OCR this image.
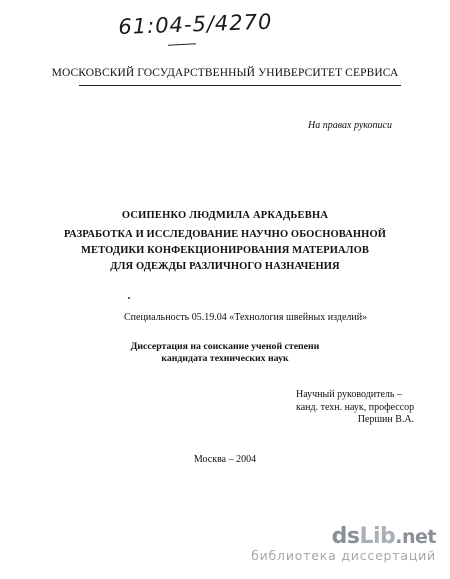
61:04-5/4270
МОСКОВСКИЙ ГОСУДАРСТВЕННЫЙ УНИВЕРСИТЕТ СЕРВИСА
На правах рукописи
ОСИПЕНКО ЛЮДМИЛА АРКАДЬЕВНА
РАЗРАБОТКА И ИССЛЕДОВАНИЕ НАУЧНО ОБОСНОВАННОЙ
МЕТОДИКИ КОНФЕКЦИОНИРОВАНИЯ МАТЕРИАЛОВ
ДЛЯ ОДЕЖДЫ РАЗЛИЧНОГО НАЗНАЧЕНИЯ
Специальность 05.19.04 «Технология швейных изделий»
Диссертация на соискание ученой степени
кандидата технических наук
Научный руководитель –
канд. техн. наук, профессор
Першин В.А.
Москва – 2004
dsLib.net
библиотека диссертаций
